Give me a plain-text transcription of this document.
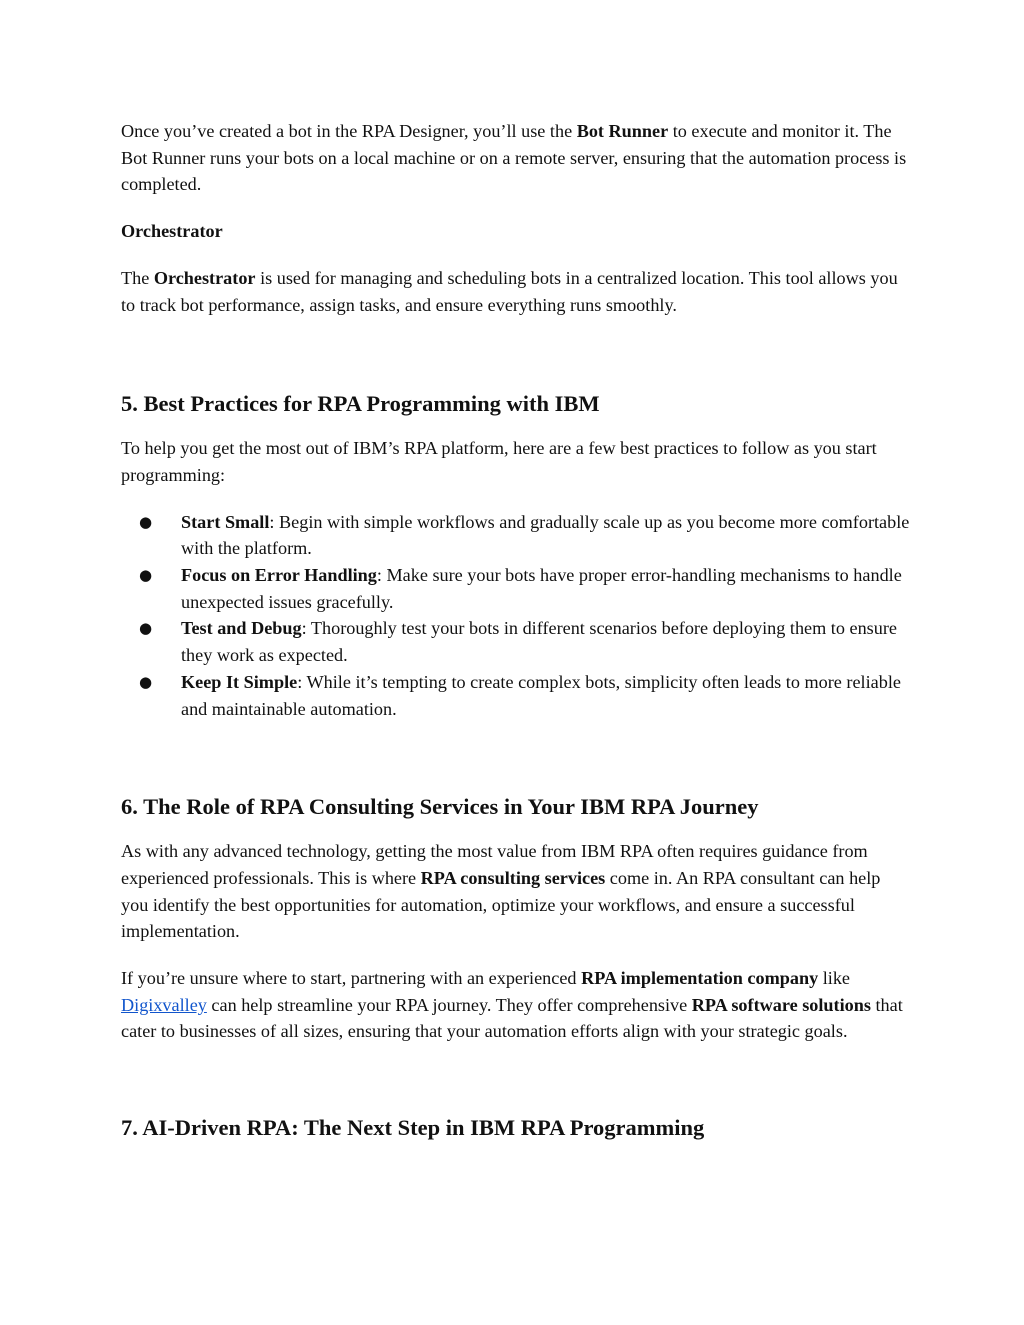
Once you’ve created a bot in the RPA Designer, you’ll use the Bot Runner to execute and monitor it. The Bot Runner runs your bots on a local machine or on a remote server, ensuring that the automation process is completed.

Orchestrator

The Orchestrator is used for managing and scheduling bots in a centralized location. This tool allows you to track bot performance, assign tasks, and ensure everything runs smoothly.

5. Best Practices for RPA Programming with IBM

To help you get the most out of IBM’s RPA platform, here are a few best practices to follow as you start programming:

● Start Small: Begin with simple workflows and gradually scale up as you become more comfortable with the platform.
● Focus on Error Handling: Make sure your bots have proper error-handling mechanisms to handle unexpected issues gracefully.
● Test and Debug: Thoroughly test your bots in different scenarios before deploying them to ensure they work as expected.
● Keep It Simple: While it’s tempting to create complex bots, simplicity often leads to more reliable and maintainable automation.
6. The Role of RPA Consulting Services in Your IBM RPA Journey

As with any advanced technology, getting the most value from IBM RPA often requires guidance from experienced professionals. This is where RPA consulting services come in. An RPA consultant can help you identify the best opportunities for automation, optimize your workflows, and ensure a successful implementation.

If you’re unsure where to start, partnering with an experienced RPA implementation company like Digixvalley can help streamline your RPA journey. They offer comprehensive RPA software solutions that cater to businesses of all sizes, ensuring that your automation efforts align with your strategic goals.

7. AI-Driven RPA: The Next Step in IBM RPA Programming
